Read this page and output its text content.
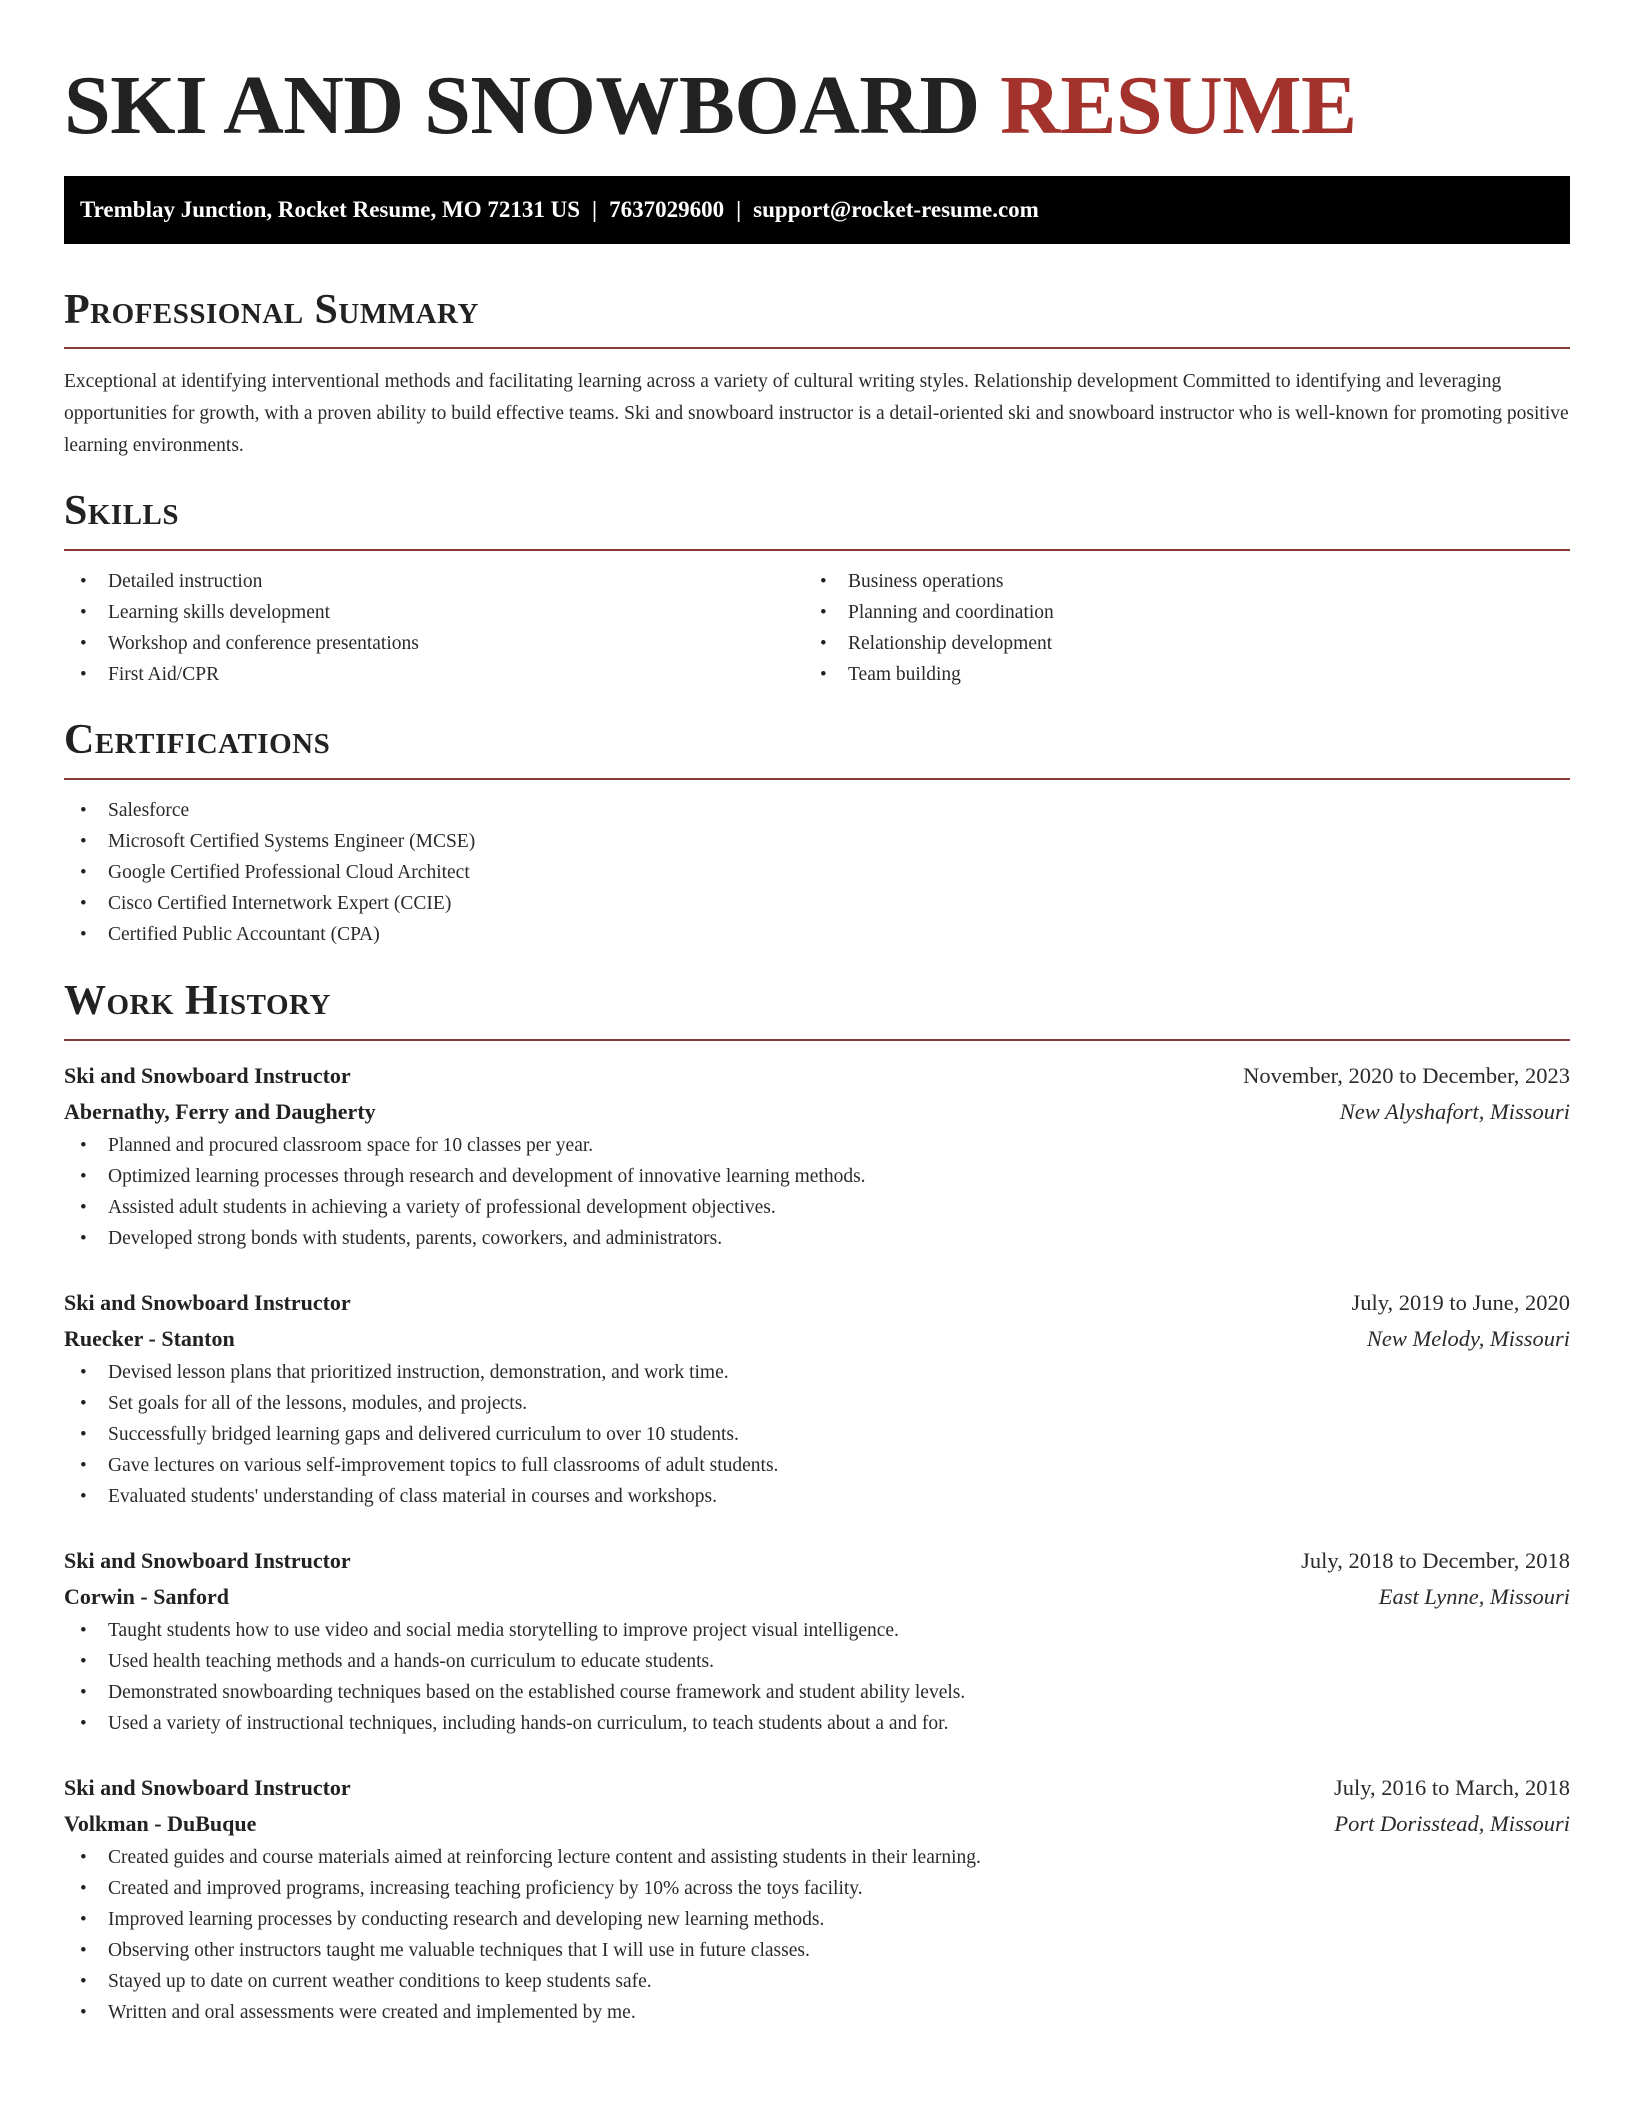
SKI AND SNOWBOARD RESUME
Tremblay Junction, Rocket Resume, MO 72131 US | 7637029600 | support@rocket-resume.com
Professional Summary

Exceptional at identifying interventional methods and facilitating learning across a variety of cultural writing styles. Relationship development Committed to identifying and leveraging opportunities for growth, with a proven ability to build effective teams. Ski and snowboard instructor is a detail-oriented ski and snowboard instructor who is well-known for promoting positive learning environments.

Skills
• Detailed instruction
• Learning skills development
• Workshop and conference presentations
• First Aid/CPR
• Business operations
• Planning and coordination
• Relationship development
• Team building
Certifications
• Salesforce
• Microsoft Certified Systems Engineer (MCSE)
• Google Certified Professional Cloud Architect
• Cisco Certified Internetwork Expert (CCIE)
• Certified Public Accountant (CPA)
Work History
Ski and Snowboard Instructor	November, 2020 to December, 2023
Abernathy, Ferry and Daugherty	New Alyshafort, Missouri
• Planned and procured classroom space for 10 classes per year.
• Optimized learning processes through research and development of innovative learning methods.
• Assisted adult students in achieving a variety of professional development objectives.
• Developed strong bonds with students, parents, coworkers, and administrators.
Ski and Snowboard Instructor	July, 2019 to June, 2020
Ruecker - Stanton	New Melody, Missouri
• Devised lesson plans that prioritized instruction, demonstration, and work time.
• Set goals for all of the lessons, modules, and projects.
• Successfully bridged learning gaps and delivered curriculum to over 10 students.
• Gave lectures on various self-improvement topics to full classrooms of adult students.
• Evaluated students' understanding of class material in courses and workshops.
Ski and Snowboard Instructor	July, 2018 to December, 2018
Corwin - Sanford	East Lynne, Missouri
• Taught students how to use video and social media storytelling to improve project visual intelligence.
• Used health teaching methods and a hands-on curriculum to educate students.
• Demonstrated snowboarding techniques based on the established course framework and student ability levels.
• Used a variety of instructional techniques, including hands-on curriculum, to teach students about a and for.
Ski and Snowboard Instructor	July, 2016 to March, 2018
Volkman - DuBuque	Port Dorisstead, Missouri
• Created guides and course materials aimed at reinforcing lecture content and assisting students in their learning.
• Created and improved programs, increasing teaching proficiency by 10% across the toys facility.
• Improved learning processes by conducting research and developing new learning methods.
• Observing other instructors taught me valuable techniques that I will use in future classes.
• Stayed up to date on current weather conditions to keep students safe.
• Written and oral assessments were created and implemented by me.
